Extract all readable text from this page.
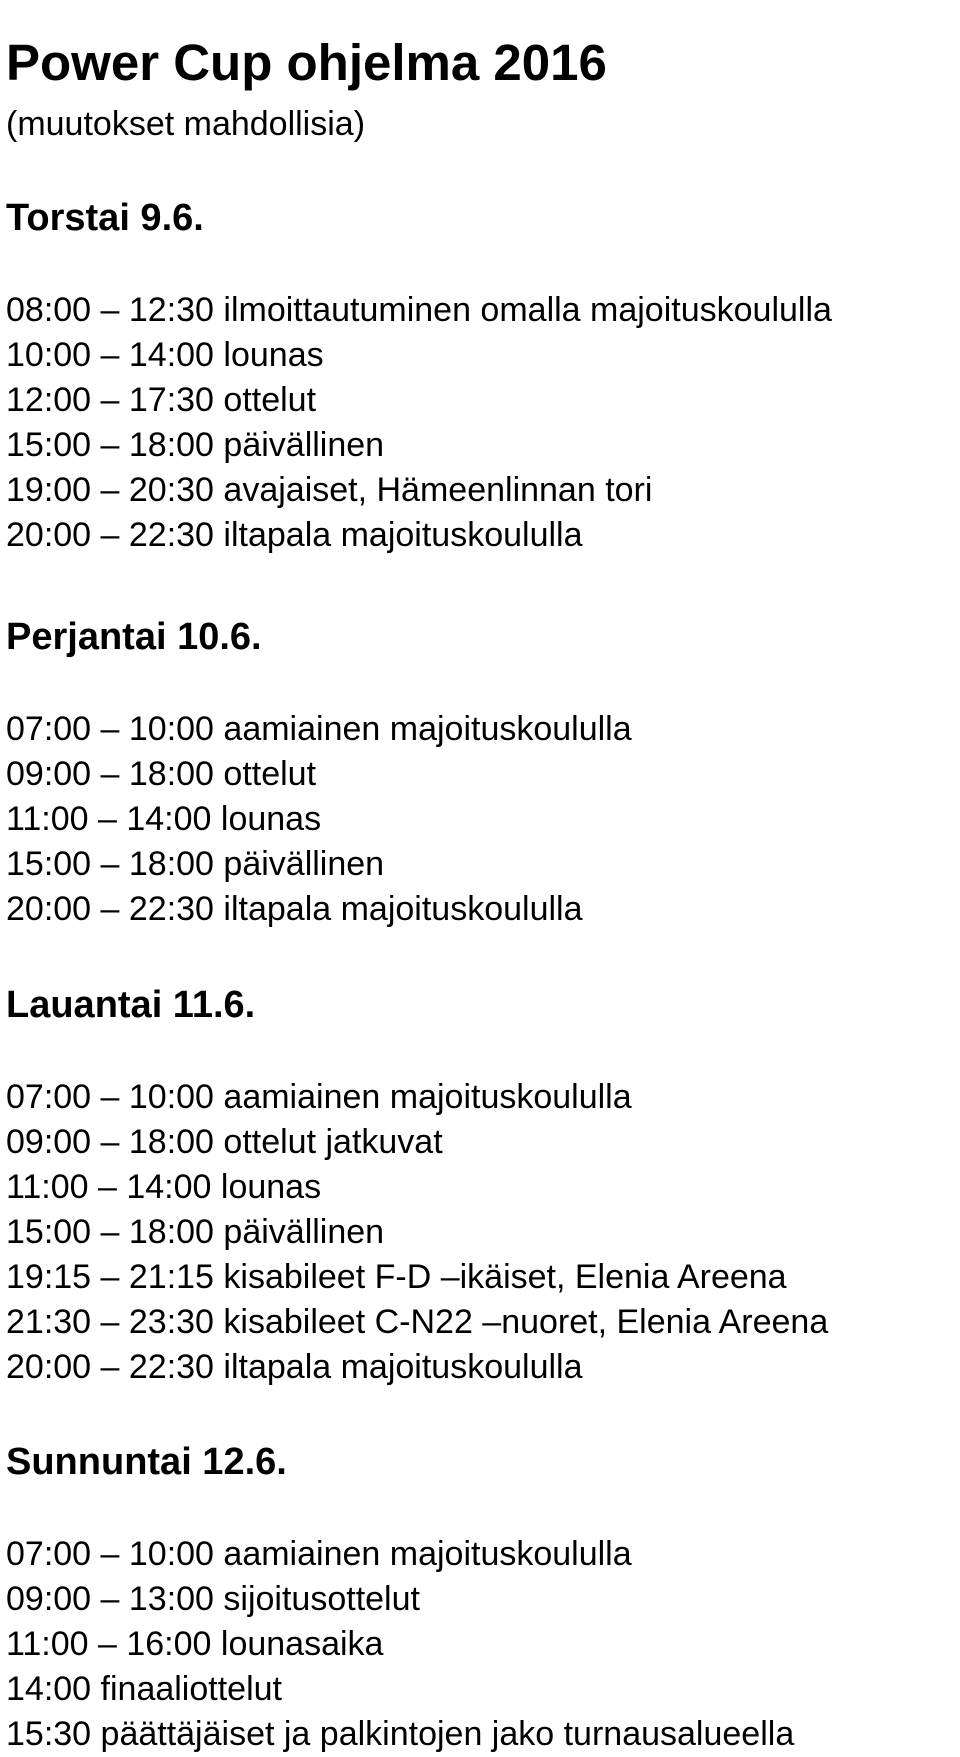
Power Cup ohjelma 2016
(muutokset mahdollisia)
Torstai 9.6.
08:00 – 12:30 ilmoittautuminen omalla majoituskoululla
10:00 – 14:00 lounas
12:00 – 17:30 ottelut
15:00 – 18:00 päivällinen
19:00 – 20:30 avajaiset, Hämeenlinnan tori
20:00 – 22:30 iltapala majoituskoululla
Perjantai 10.6.
07:00 – 10:00 aamiainen majoituskoululla
09:00 – 18:00 ottelut
11:00 – 14:00 lounas
15:00 – 18:00 päivällinen
20:00 – 22:30 iltapala majoituskoululla
Lauantai 11.6.
07:00 – 10:00 aamiainen majoituskoululla
09:00 – 18:00 ottelut jatkuvat
11:00 – 14:00 lounas
15:00 – 18:00 päivällinen
19:15 – 21:15 kisabileet F-D –ikäiset, Elenia Areena
21:30 – 23:30 kisabileet C-N22 –nuoret, Elenia Areena
20:00 – 22:30 iltapala majoituskoululla
Sunnuntai 12.6.
07:00 – 10:00 aamiainen majoituskoululla
09:00 – 13:00 sijoitusottelut
11:00 – 16:00 lounasaika
14:00 finaaliottelut
15:30 päättäjäiset ja palkintojen jako turnausalueella
